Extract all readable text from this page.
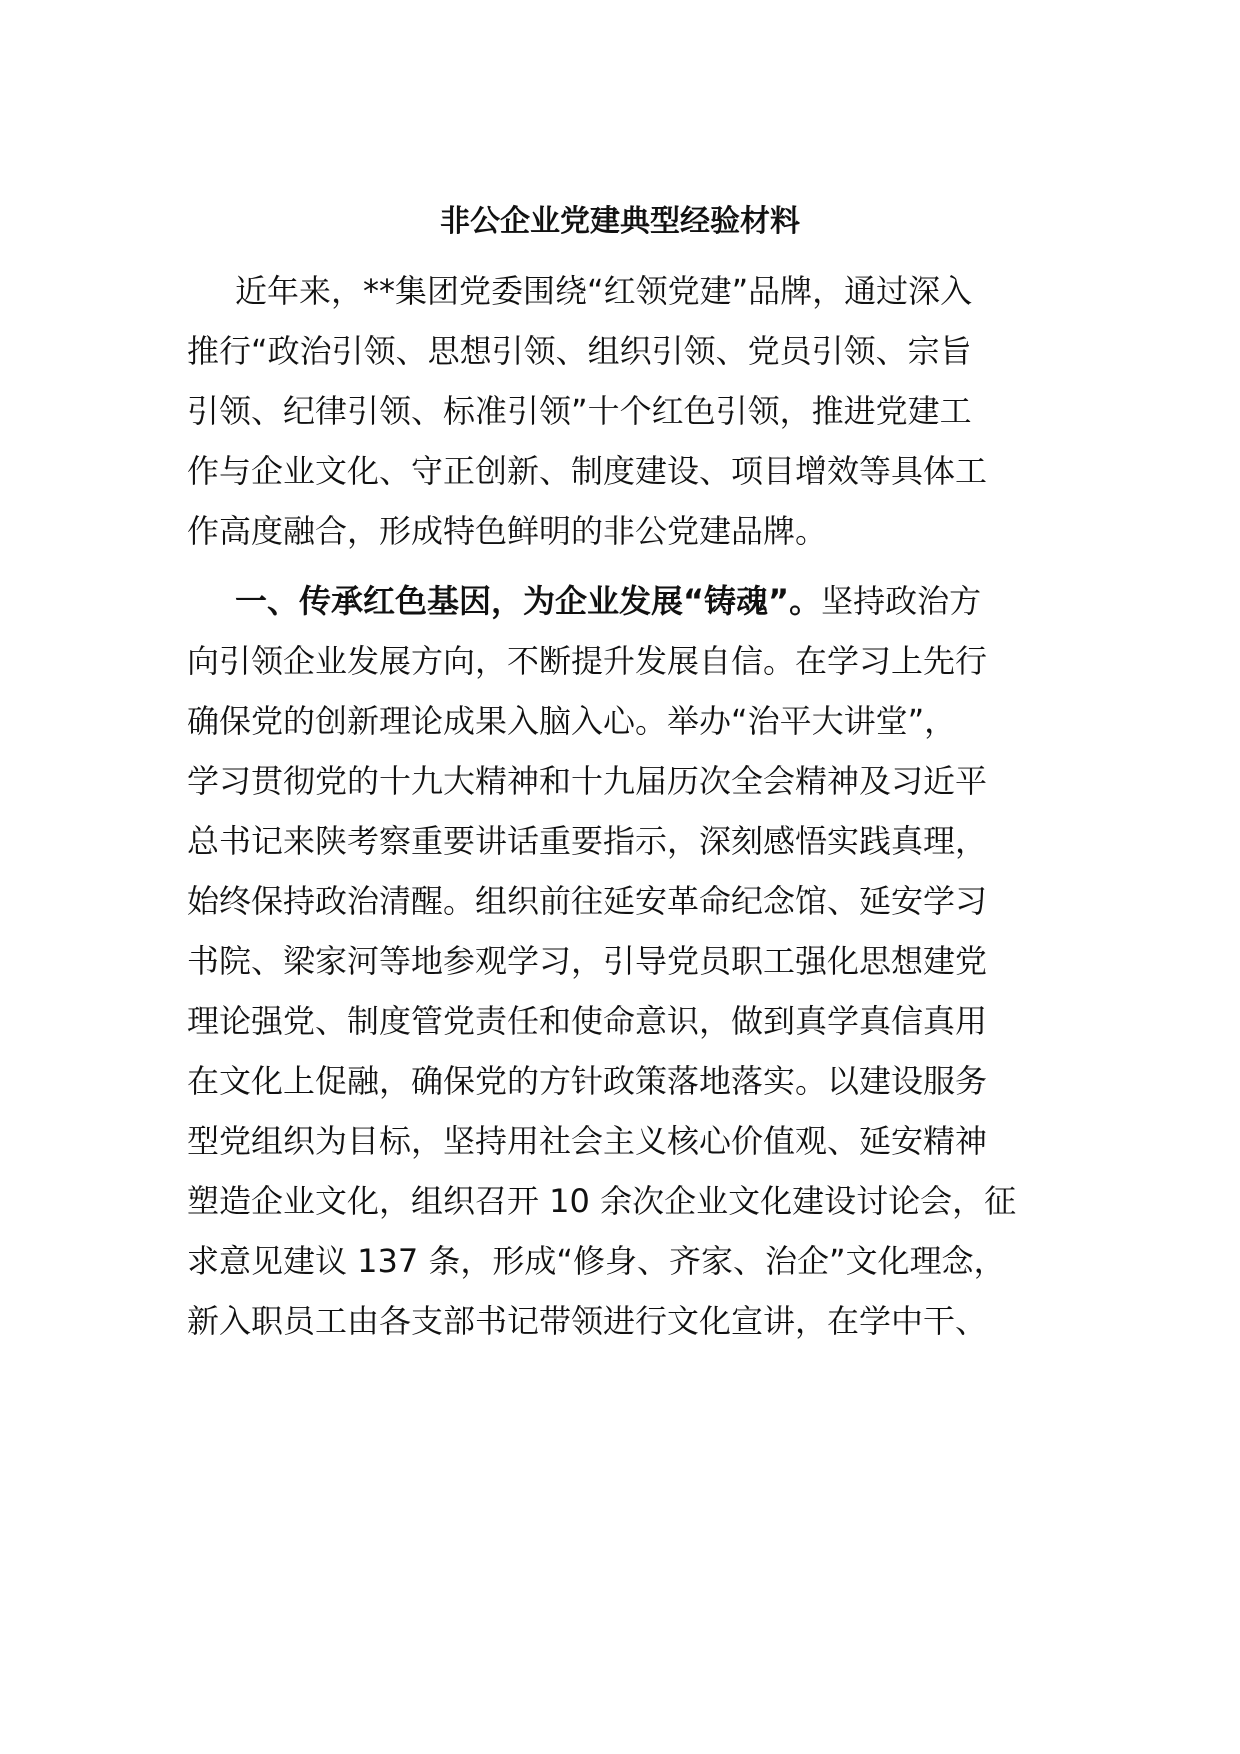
非公企业党建典型经验材料

近年来，**集团党委围绕“红领党建”品牌，通过深入

推行“政治引领、思想引领、组织引领、党员引领、宗旨

引领、纪律引领、标准引领”十个红色引领，推进党建工

作与企业文化、守正创新、制度建设、项目增效等具体工

作高度融合，形成特色鲜明的非公党建品牌。

一、传承红色基因，为企业发展“铸魂”。坚持政治方

向引领企业发展方向，不断提升发展自信。在学习上先行

确保党的创新理论成果入脑入心。举办“治平大讲堂”，

学习贯彻党的十九大精神和十九届历次全会精神及习近平

总书记来陕考察重要讲话重要指示，深刻感悟实践真理，

始终保持政治清醒。组织前往延安革命纪念馆、延安学习

书院、梁家河等地参观学习，引导党员职工强化思想建党

理论强党、制度管党责任和使命意识，做到真学真信真用

在文化上促融，确保党的方针政策落地落实。以建设服务

型党组织为目标，坚持用社会主义核心价值观、延安精神

塑造企业文化，组织召开 10 余次企业文化建设讨论会，征

求意见建议 137 条，形成“修身、齐家、治企”文化理念，

新入职员工由各支部书记带领进行文化宣讲，在学中干、
